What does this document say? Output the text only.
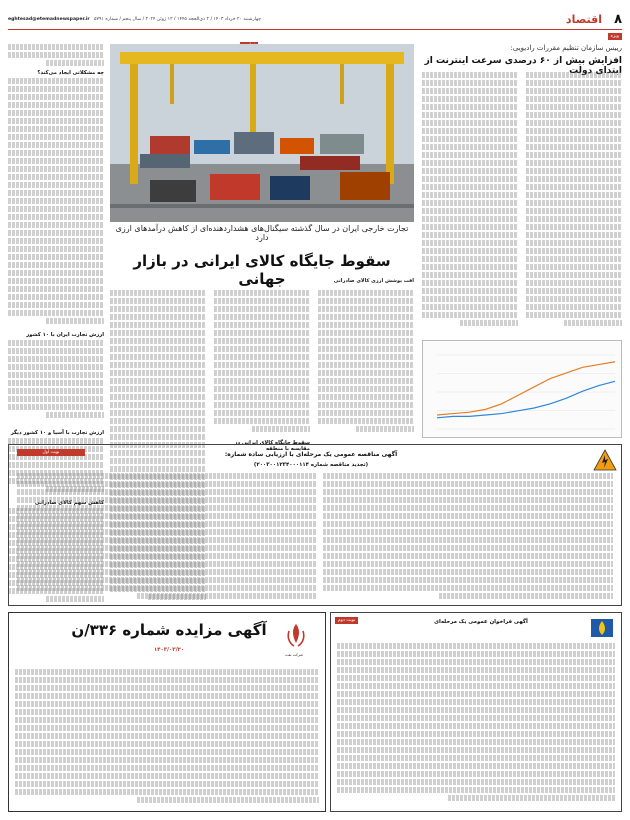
۸
اقتصاد
eghtesad@etemadnewspaper.ir چهارشنبه ۲۰ خرداد ۱۴۰۳ / ۲ ذی‌الحجه ۱۴۴۵ / ۱۲ ژوئن ۲۰۲۴ / سال پنجم / شماره ۵۷۹۱
ویژه
رییس سازمان تنظیم مقررات رادیویی:
افزایش بیش از ۶۰ درصدی سرعت اینترنت از ابتدای دولت
تجارت خارجی ایران در سال گذشته سیگنال‌های هشداردهنده‌ای از کاهش درآمدهای ارزی دارد
سقوط جایگاه کالای ایرانی در بازار جهانی	افت پوشش ارزی کالای صادراتی
سقوط جایگاه کالای ایرانی در مقایسه با منطقه
چه مشکلاتی ایجاد می‌کند؟
ارزش تجارت ایران با ۱۰ کشور
ارزش تجارت با آسیا و ۱۰ کشور دیگر
کاهش سهم کالای صادراتی
آگهی مناقصه عمومی یک مرحله‌ای با ارزیابی ساده شماره:
(تجدید مناقصه شماره ۲۰۰۳۰۰۱۲۳۴۰۰۰۱۱۴)
نوبت اول
آگهی فراخوان عمومی یک مرحله‌ای
نوبت دوم
شرکت نفت
آگهی مزایده شماره ۳۳۶/ن
۱۴۰۳/۰۳/۲۰
